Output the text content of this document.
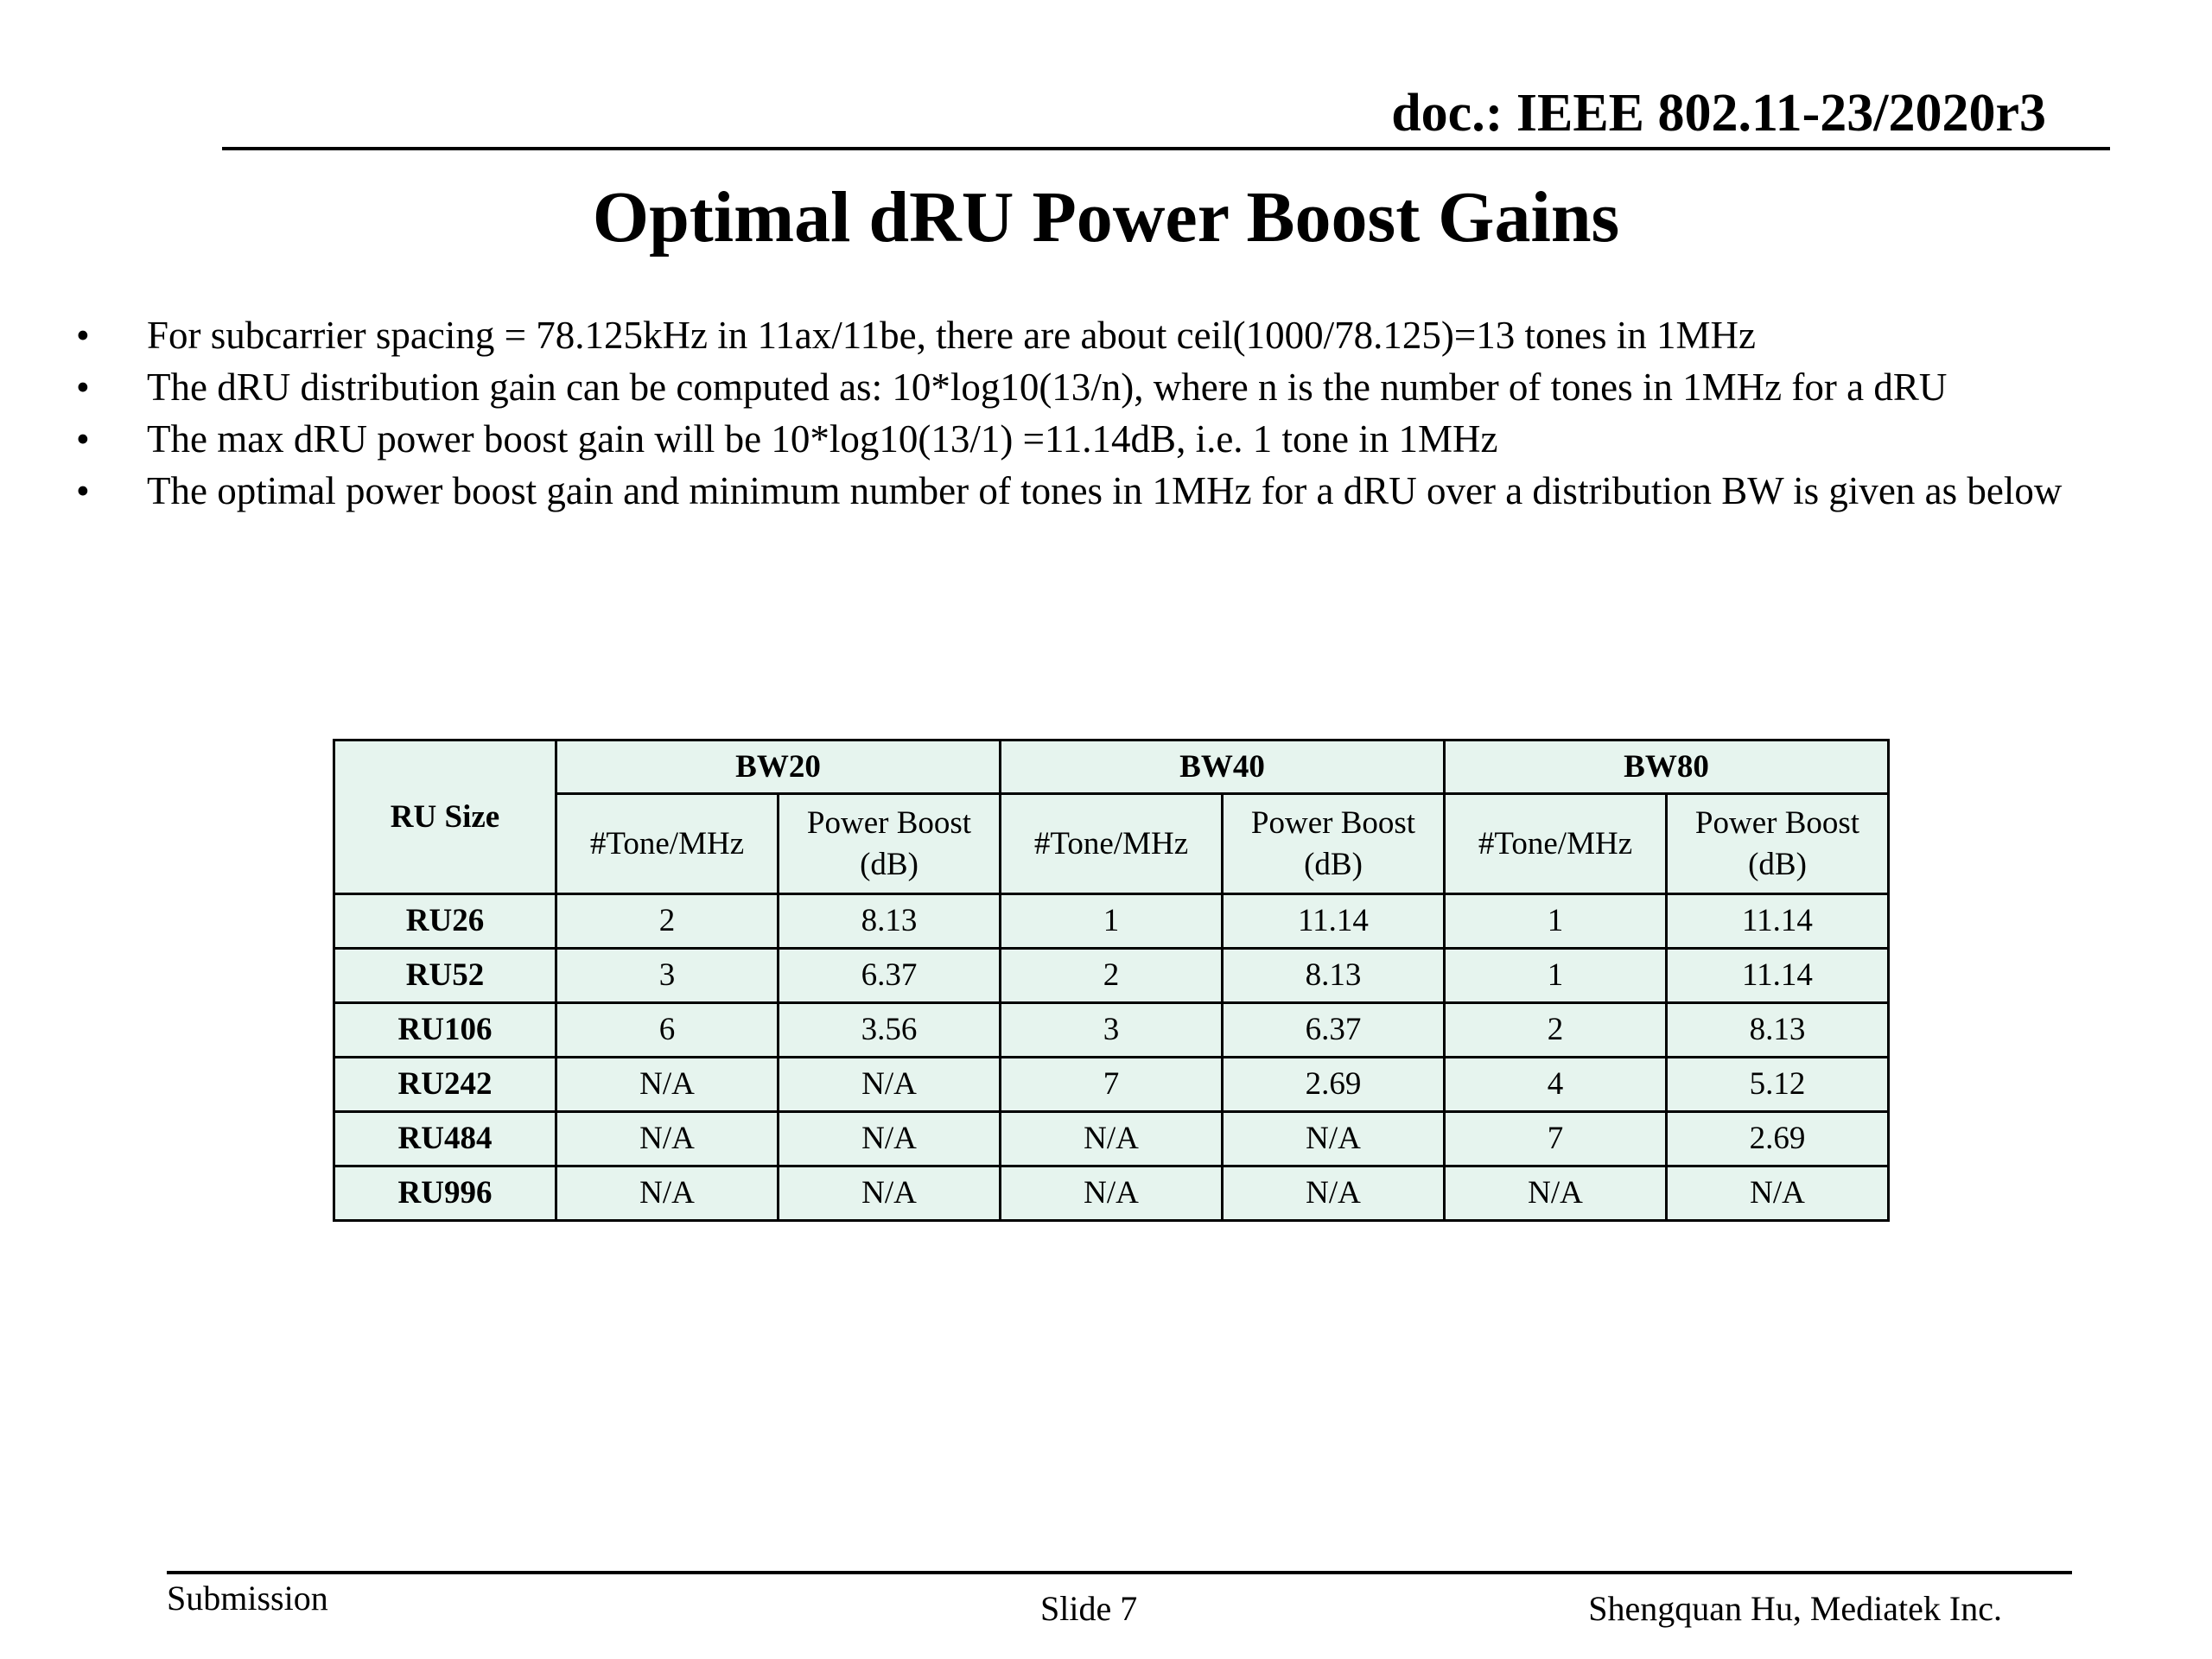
doc.: IEEE 802.11-23/2020r3
Optimal dRU Power Boost Gains
• For subcarrier spacing = 78.125kHz in 11ax/11be, there are about ceil(1000/78.125)=13 tones in 1MHz
• The dRU distribution gain can be computed as: 10*log10(13/n), where n is the number of tones in 1MHz for a dRU
• The max dRU power boost gain will be 10*log10(13/1) =11.14dB, i.e. 1 tone in 1MHz
• The optimal power boost gain and minimum number of tones in 1MHz for a dRU over a distribution BW is given as below
RU Size	BW20		BW40		BW80	
	#Tone/MHz	Power Boost (dB)	#Tone/MHz	Power Boost (dB)	#Tone/MHz	Power Boost (dB)
RU26	2	8.13	1	11.14	1	11.14
RU52	3	6.37	2	8.13	1	11.14
RU106	6	3.56	3	6.37	2	8.13
RU242	N/A	N/A	7	2.69	4	5.12
RU484	N/A	N/A	N/A	N/A	7	2.69
RU996	N/A	N/A	N/A	N/A	N/A	N/A
Submission	Slide 7	Shengquan Hu, Mediatek Inc.
